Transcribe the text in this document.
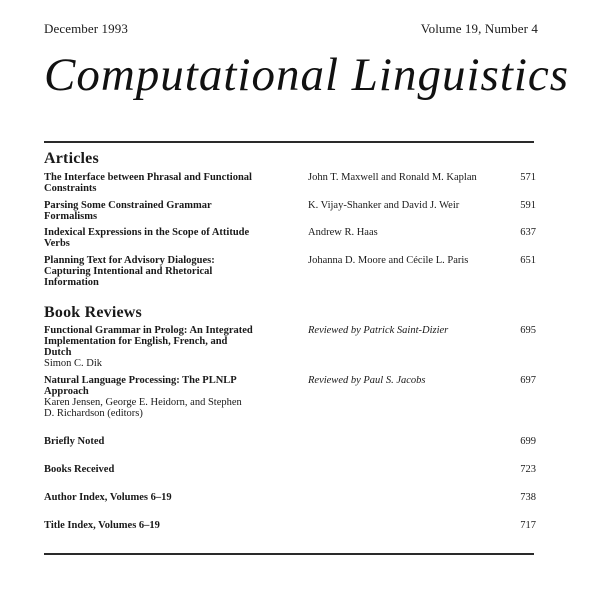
December 1993	Volume 19, Number 4
Computational Linguistics
Articles
The Interface between Phrasal and Functional
Constraints
John T. Maxwell and Ronald M. Kaplan	571
Parsing Some Constrained Grammar
Formalisms
K. Vijay-Shanker and David J. Weir	591
Indexical Expressions in the Scope of Attitude
Verbs
Andrew R. Haas	637
Planning Text for Advisory Dialogues:
Capturing Intentional and Rhetorical
Information
Johanna D. Moore and Cécile L. Paris	651
Book Reviews
Functional Grammar in Prolog: An Integrated
Implementation for English, French, and
Dutch
Simon C. Dik
Reviewed by Patrick Saint-Dizier	695
Natural Language Processing: The PLNLP
Approach
Karen Jensen, George E. Heidorn, and Stephen
D. Richardson (editors)
Reviewed by Paul S. Jacobs	697
Briefly Noted	699
Books Received	723
Author Index, Volumes 6–19	738
Title Index, Volumes 6–19	717
